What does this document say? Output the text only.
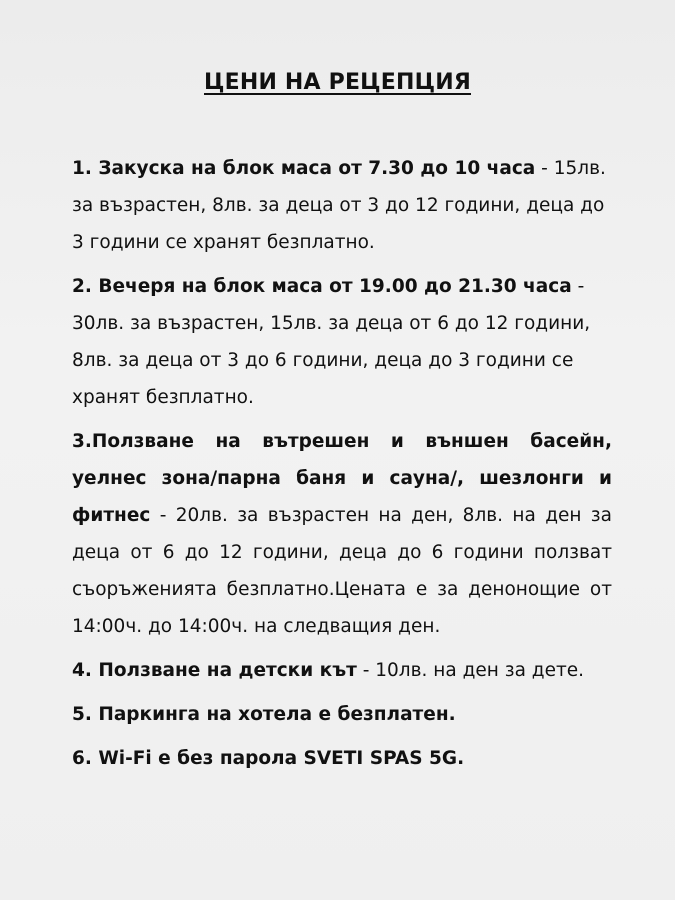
ЦЕНИ НА РЕЦЕПЦИЯ

1. Закуска на блок маса от 7.30 до 10 часа - 15лв. за възрастен, 8лв. за деца от 3 до 12 години, деца до 3 години се хранят безплатно.

2. Вечеря на блок маса от 19.00 до 21.30 часа - 30лв. за възрастен, 15лв. за деца от 6 до 12 години, 8лв. за деца от 3 до 6 години, деца до 3 години се хранят безплатно.

3.Ползване на вътрешен и външен басейн, уелнес зона/парна баня и сауна/, шезлонги и фитнес - 20лв. за възрастен на ден, 8лв. на ден за деца от 6 до 12 години, деца до 6 години ползват съоръженията безплатно.Цената е за денонощие от 14:00ч. до 14:00ч. на следващия ден.

4. Ползване на детски кът - 10лв. на ден за дете.

5. Паркинга на хотела е безплатен.

6. Wi-Fi е без парола SVETI SPAS 5G.
